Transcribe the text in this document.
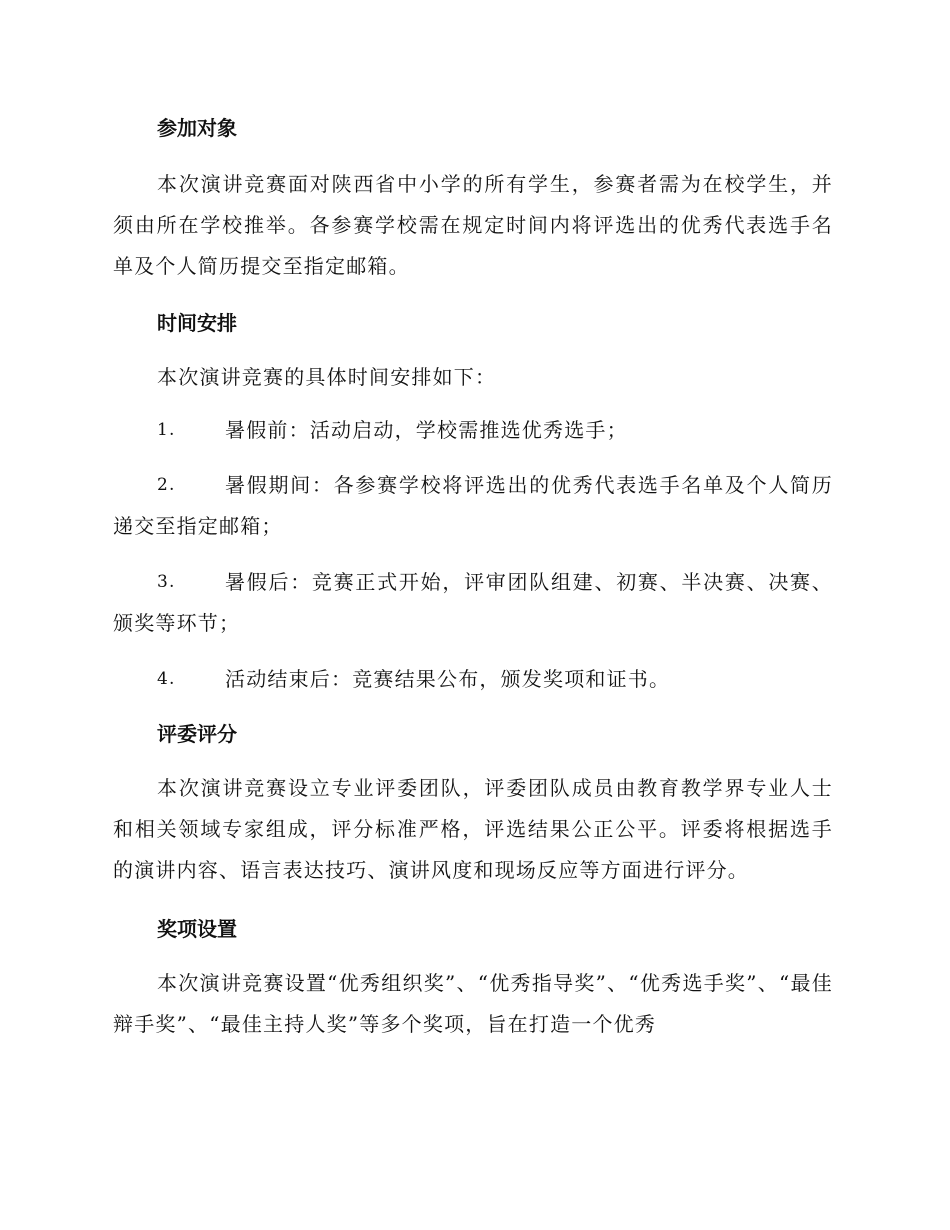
参加对象

本次演讲竞赛面对陕西省中小学的所有学生，参赛者需为在校学生，并须由所在学校推举。各参赛学校需在规定时间内将评选出的优秀代表选手名单及个人简历提交至指定邮箱。

时间安排

本次演讲竞赛的具体时间安排如下：

1.	暑假前：活动启动，学校需推选优秀选手；
2.	暑假期间：各参赛学校将评选出的优秀代表选手名单及个人简历递交至指定邮箱；
3.	暑假后：竞赛正式开始，评审团队组建、初赛、半决赛、决赛、颁奖等环节；
4.	活动结束后：竞赛结果公布，颁发奖项和证书。
评委评分

本次演讲竞赛设立专业评委团队，评委团队成员由教育教学界专业人士和相关领域专家组成，评分标准严格，评选结果公正公平。评委将根据选手的演讲内容、语言表达技巧、演讲风度和现场反应等方面进行评分。

奖项设置

本次演讲竞赛设置“优秀组织奖”、“优秀指导奖”、“优秀选手奖”、“最佳辩手奖”、“最佳主持人奖”等多个奖项，旨在打造一个优秀
